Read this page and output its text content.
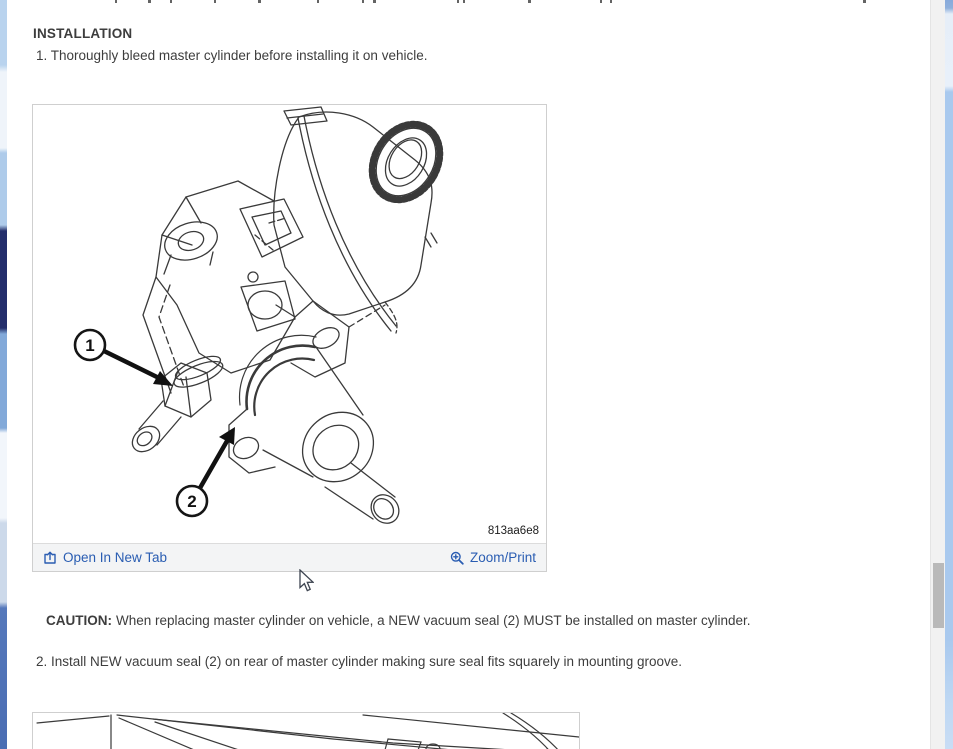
INSTALLATION
1. Thoroughly bleed master cylinder before installing it on vehicle.
1
2
813aa6e8
Open In New Tab	Zoom/Print
CAUTION: When replacing master cylinder on vehicle, a NEW vacuum seal (2) MUST be installed on master cylinder.
2. Install NEW vacuum seal (2) on rear of master cylinder making sure seal fits squarely in mounting groove.
